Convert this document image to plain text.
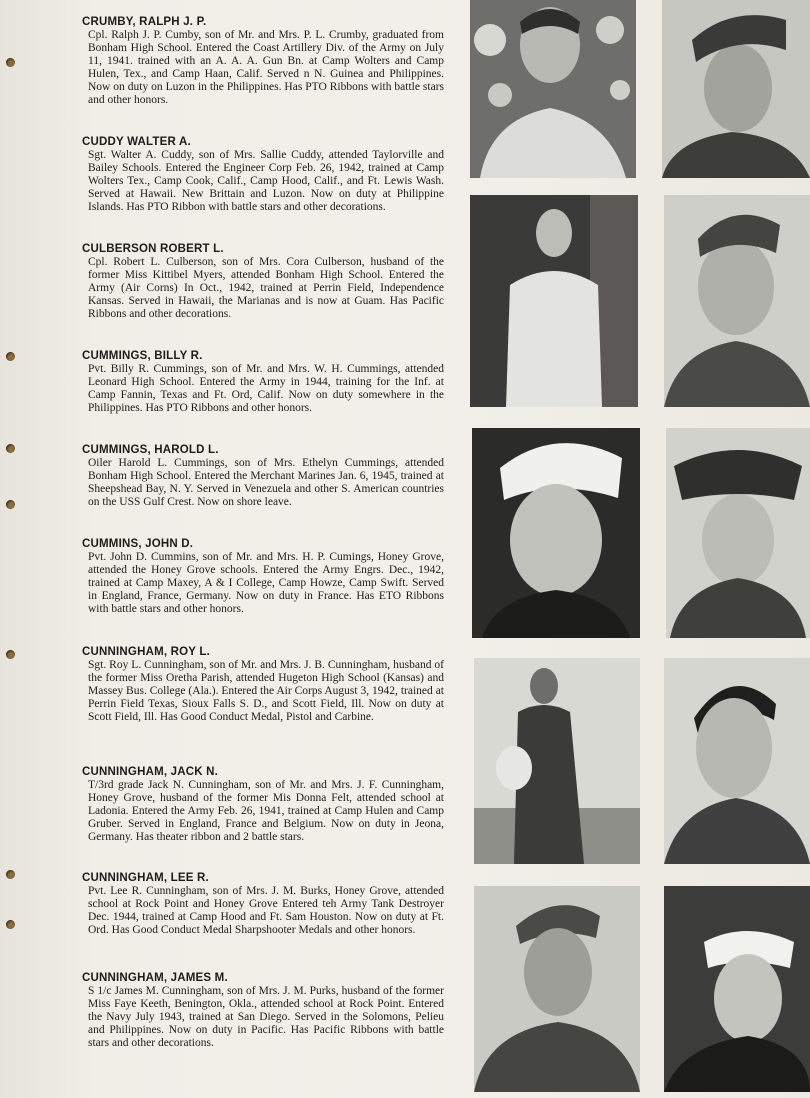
CRUMBY, RALPH J. P.
Cpl. Ralph J. P. Cumby, son of Mr. and Mrs. P. L. Crumby, graduated from Bonham High School. Entered the Coast Artillery Div. of the Army on July 11, 1941. trained with an A. A. A. Gun Bn. at Camp Wolters and Camp Hulen, Tex., and Camp Haan, Calif. Served n N. Guinea and Philippines. Now on duty on Luzon in the Philippines. Has PTO Ribbons with battle stars and other honors.
CUDDY WALTER A.
Sgt. Walter A. Cuddy, son of Mrs. Sallie Cuddy, attended Taylorville and Bailey Schools. Entered the Engineer Corp Feb. 26, 1942, trained at Camp Wolters Tex., Camp Cook, Calif., Camp Hood, Calif., and Ft. Lewis Wash. Served at Hawaii. New Brittain and Luzon. Now on duty at Philippine Islands. Has PTO Ribbon with battle stars and other decorations.
CULBERSON ROBERT L.
Cpl. Robert L. Culberson, son of Mrs. Cora Culberson, husband of the former Miss Kittibel Myers, attended Bonham High School. Entered the Army (Air Corns) In Oct., 1942, trained at Perrin Field, Independence Kansas. Served in Hawaii, the Marianas and is now at Guam. Has Pacific Ribbons and other decorations.
CUMMINGS, BILLY R.
Pvt. Billy R. Cummings, son of Mr. and Mrs. W. H. Cummings, attended Leonard High School. Entered the Army in 1944, training for the Inf. at Camp Fannin, Texas and Ft. Ord, Calif. Now on duty somewhere in the Philippines. Has PTO Ribbons and other honors.
CUMMINGS, HAROLD L.
Oiler Harold L. Cummings, son of Mrs. Ethelyn Cummings, attended Bonham High School. Entered the Merchant Marines Jan. 6, 1945, trained at Sheepshead Bay, N. Y. Served in Venezuela and other S. American countries on the USS Gulf Crest. Now on shore leave.
CUMMINS, JOHN D.
Pvt. John D. Cummins, son of Mr. and Mrs. H. P. Cumings, Honey Grove, attended the Honey Grove schools. Entered the Army Engrs. Dec., 1942, trained at Camp Maxey, A & I College, Camp Howze, Camp Swift. Served in England, France, Germany. Now on duty in France. Has ETO Ribbons with battle stars and other honors.
CUNNINGHAM, ROY L.
Sgt. Roy L. Cunningham, son of Mr. and Mrs. J. B. Cunningham, husband of the former Miss Oretha Parish, attended Hugeton High School (Kansas) and Massey Bus. College (Ala.). Entered the Air Corps August 3, 1942, trained at Perrin Field Texas, Sioux Falls S. D., and Scott Field, Ill. Now on duty at Scott Field, Ill. Has Good Conduct Medal, Pistol and Carbine.
CUNNINGHAM, JACK N.
T/3rd grade Jack N. Cunningham, son of Mr. and Mrs. J. F. Cunningham, Honey Grove, husband of the former Mis Donna Felt, attended school at Ladonia. Entered the Army Feb. 26, 1941, trained at Camp Hulen and Camp Gruber. Served in England, France and Belgium. Now on duty in Jeona, Germany. Has theater ribbon and 2 battle stars.
CUNNINGHAM, LEE R.
Pvt. Lee R. Cunningham, son of Mrs. J. M. Burks, Honey Grove, attended school at Rock Point and Honey Grove Entered teh Army Tank Destroyer Dec. 1944, trained at Camp Hood and Ft. Sam Houston. Now on duty at Ft. Ord. Has Good Conduct Medal Sharpshooter Medals and other honors.
CUNNINGHAM, JAMES M.
S 1/c James M. Cunningham, son of Mrs. J. M. Purks, husband of the former Miss Faye Keeth, Benington, Okla., attended school at Rock Point. Entered the Navy July 1943, trained at San Diego. Served in the Solomons, Pelieu and Philippines. Now on duty in Pacific. Has Pacific Ribbons with battle stars and other decorations.
